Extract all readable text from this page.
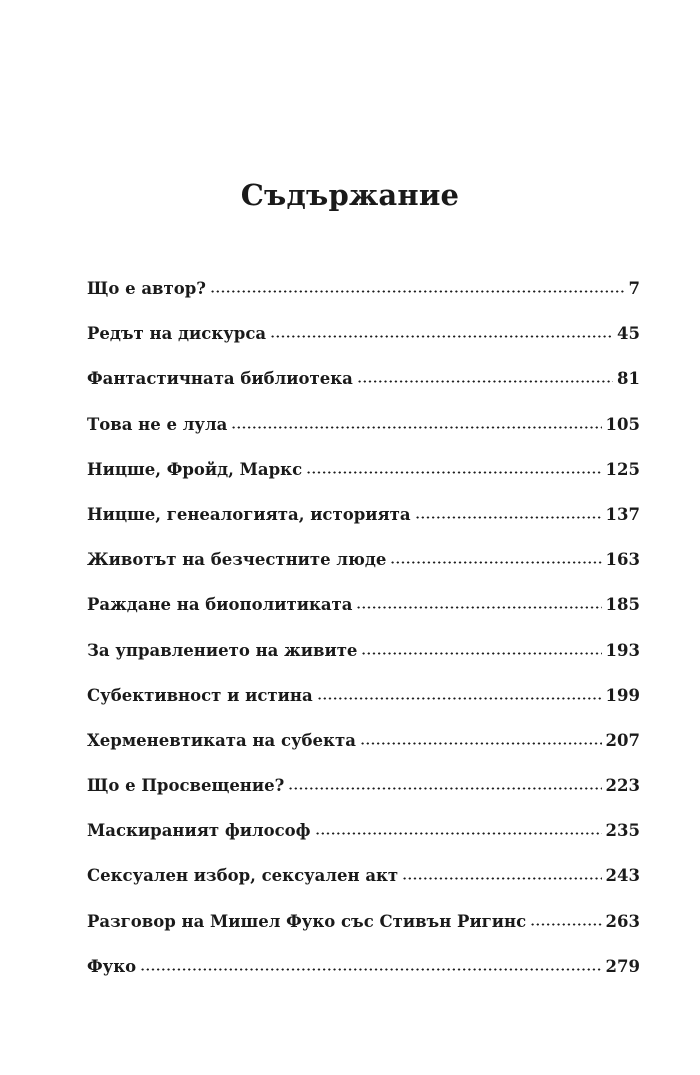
Съдържание
Що е автор?	7
Редът на дискурса	45
Фантастичната библиотека	81
Това не е лула	105
Ницше, Фройд, Маркс	125
Ницше, генеалогията, историята	137
Животът на безчестните люде	163
Раждане на биополитиката	185
За управлението на живите	193
Субективност и истина	199
Херменевтиката на субекта	207
Що е Просвещение?	223
Маскираният философ	235
Сексуален избор, сексуален акт	243
Разговор на Мишел Фуко със Стивън Ригинс	263
Фуко	279
